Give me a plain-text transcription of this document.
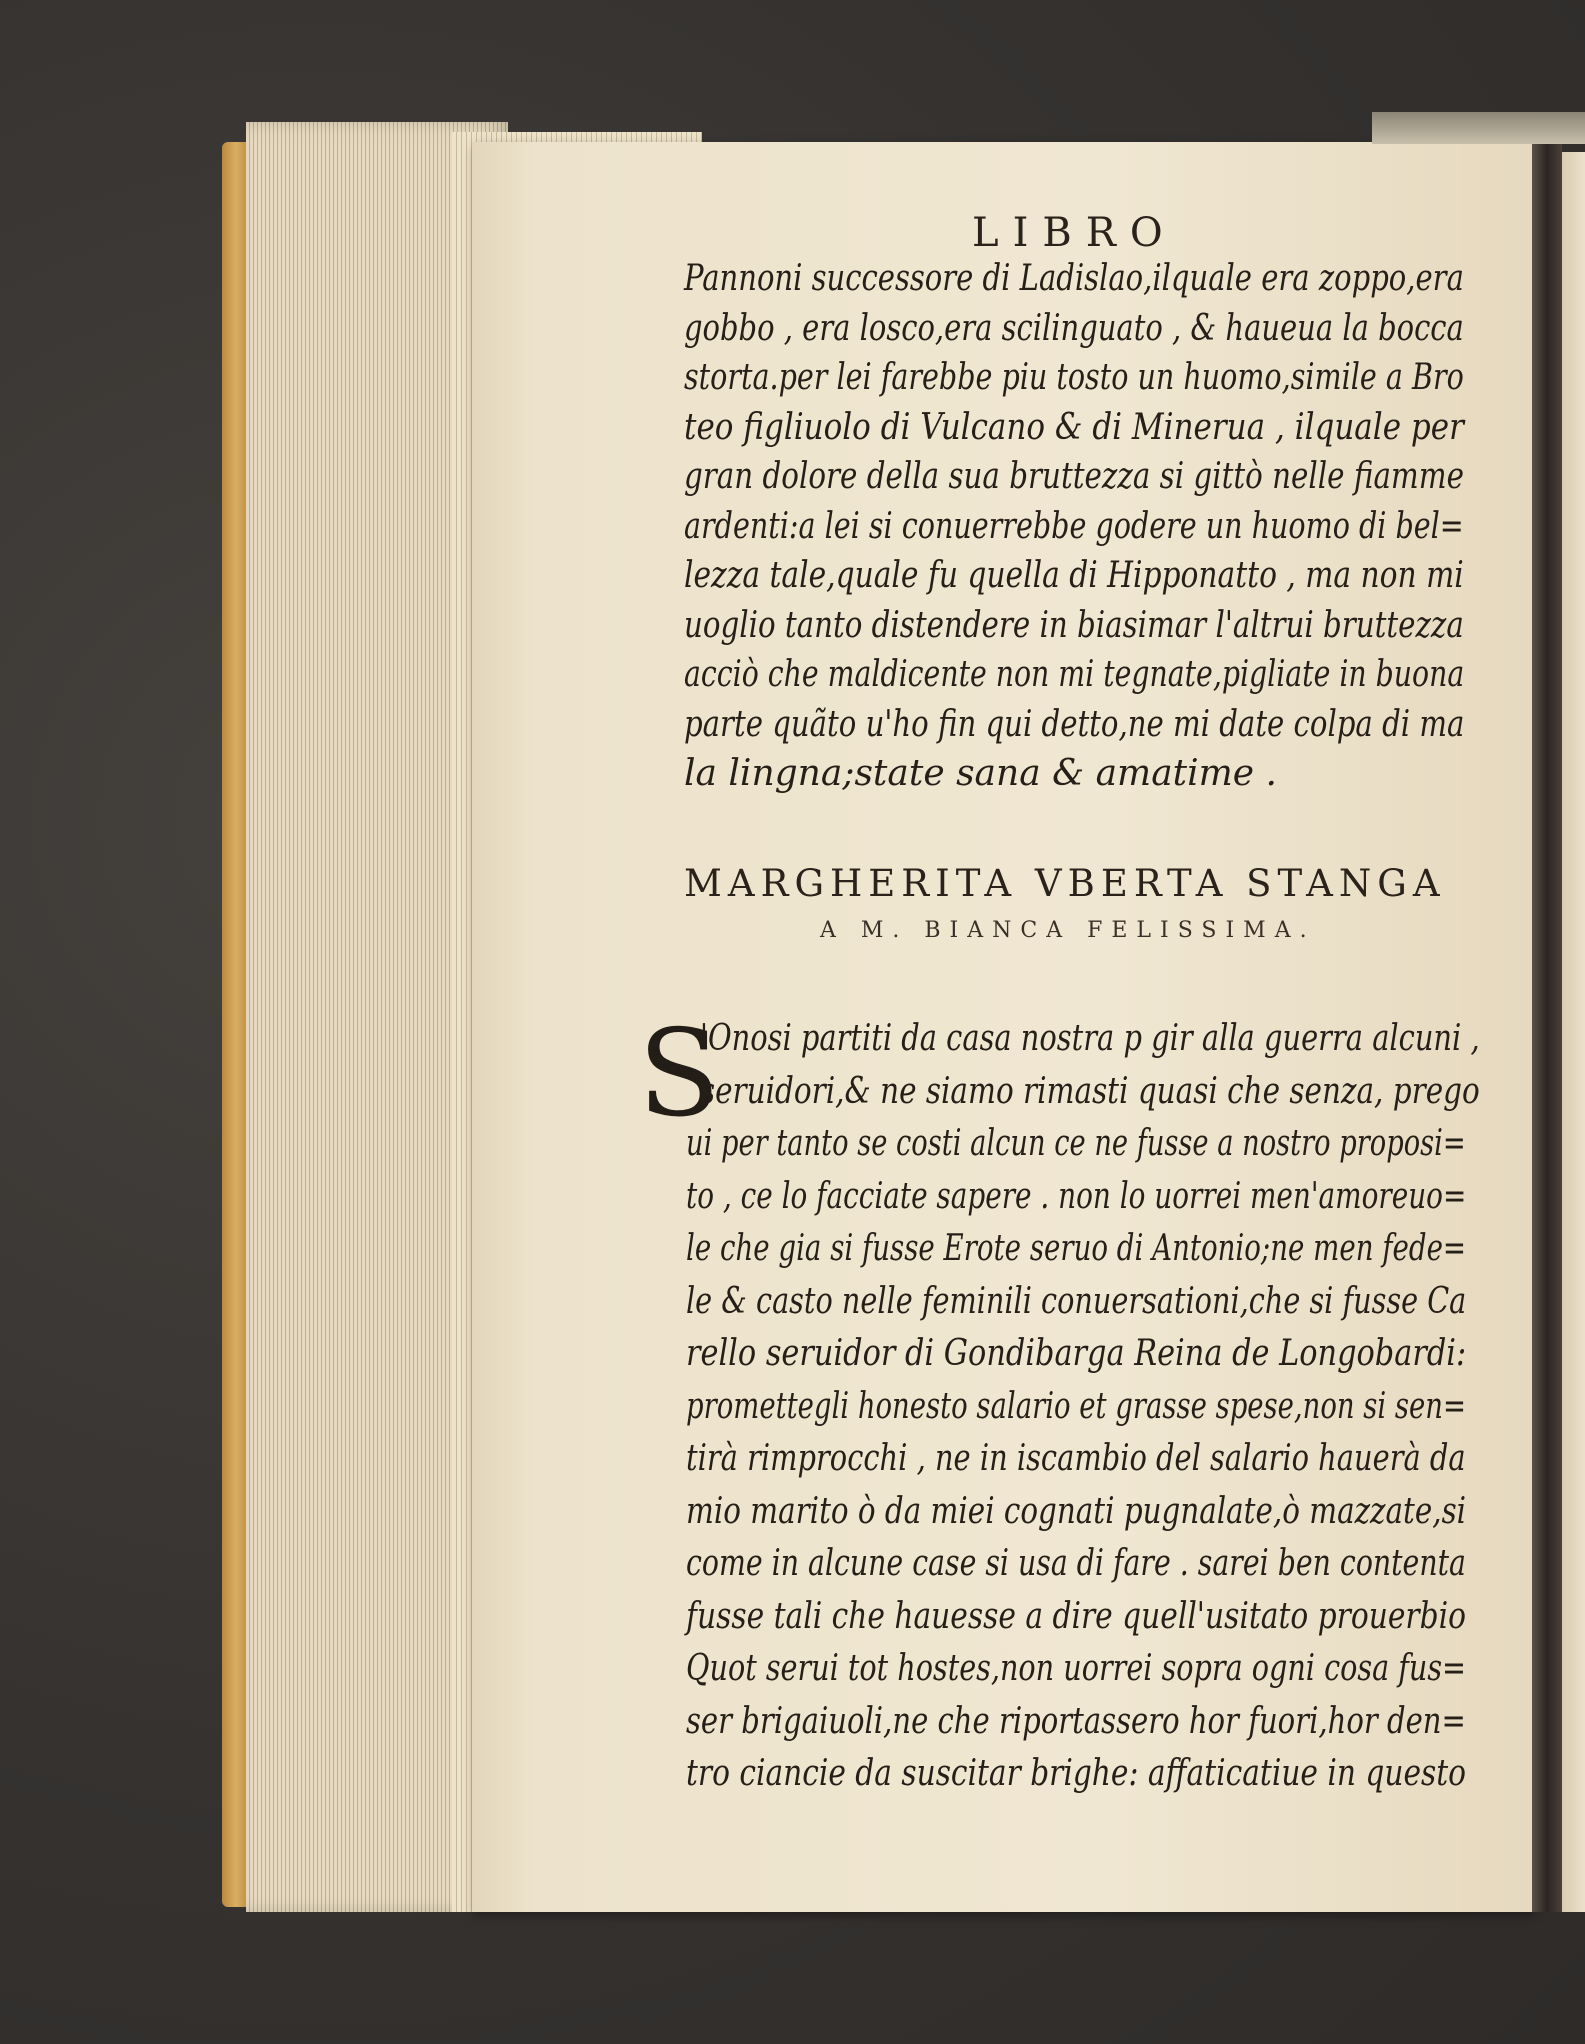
LIBRO
MARGHERITA VBERTA STANGA
A M. BIANCA FELISSIMA.
S
Pannoni successore di Ladislao,ilquale era zoppo,era
gobbo , era losco,era scilinguato , & haueua la bocca
storta.per lei farebbe piu tosto un huomo,simile a Bro
teo figliuolo di Vulcano & di Minerua , ilquale per
gran dolore della sua bruttezza si gittò nelle fiamme
ardenti:a lei si conuerrebbe godere un huomo di bel=
lezza tale,quale fu quella di Hipponatto , ma non mi
uoglio tanto distendere in biasimar l'altrui bruttezza
acciò che maldicente non mi tegnate,pigliate in buona
parte quãto u'ho fin qui detto,ne mi date colpa di ma
la lingna;state sana & amatime .
'Onosi partiti da casa nostra p gir alla guerra alcuni ,
seruidori,& ne siamo rimasti quasi che senza, prego
ui per tanto se costi alcun ce ne fusse a nostro proposi=
to , ce lo facciate sapere . non lo uorrei men'amoreuo=
le che gia si fusse Erote seruo di Antonio;ne men fede=
le & casto nelle feminili conuersationi,che si fusse Ca
rello seruidor di Gondibarga Reina de Longobardi:
promettegli honesto salario et grasse spese,non si sen=
tirà rimprocchi , ne in iscambio del salario hauerà da
mio marito ò da miei cognati pugnalate,ò mazzate,si
come in alcune case si usa di fare . sarei ben contenta
fusse tali che hauesse a dire quell'usitato prouerbio
Quot serui tot hostes,non uorrei sopra ogni cosa fus=
ser brigaiuoli,ne che riportassero hor fuori,hor den=
tro ciancie da suscitar brighe: affaticatiue in questo
